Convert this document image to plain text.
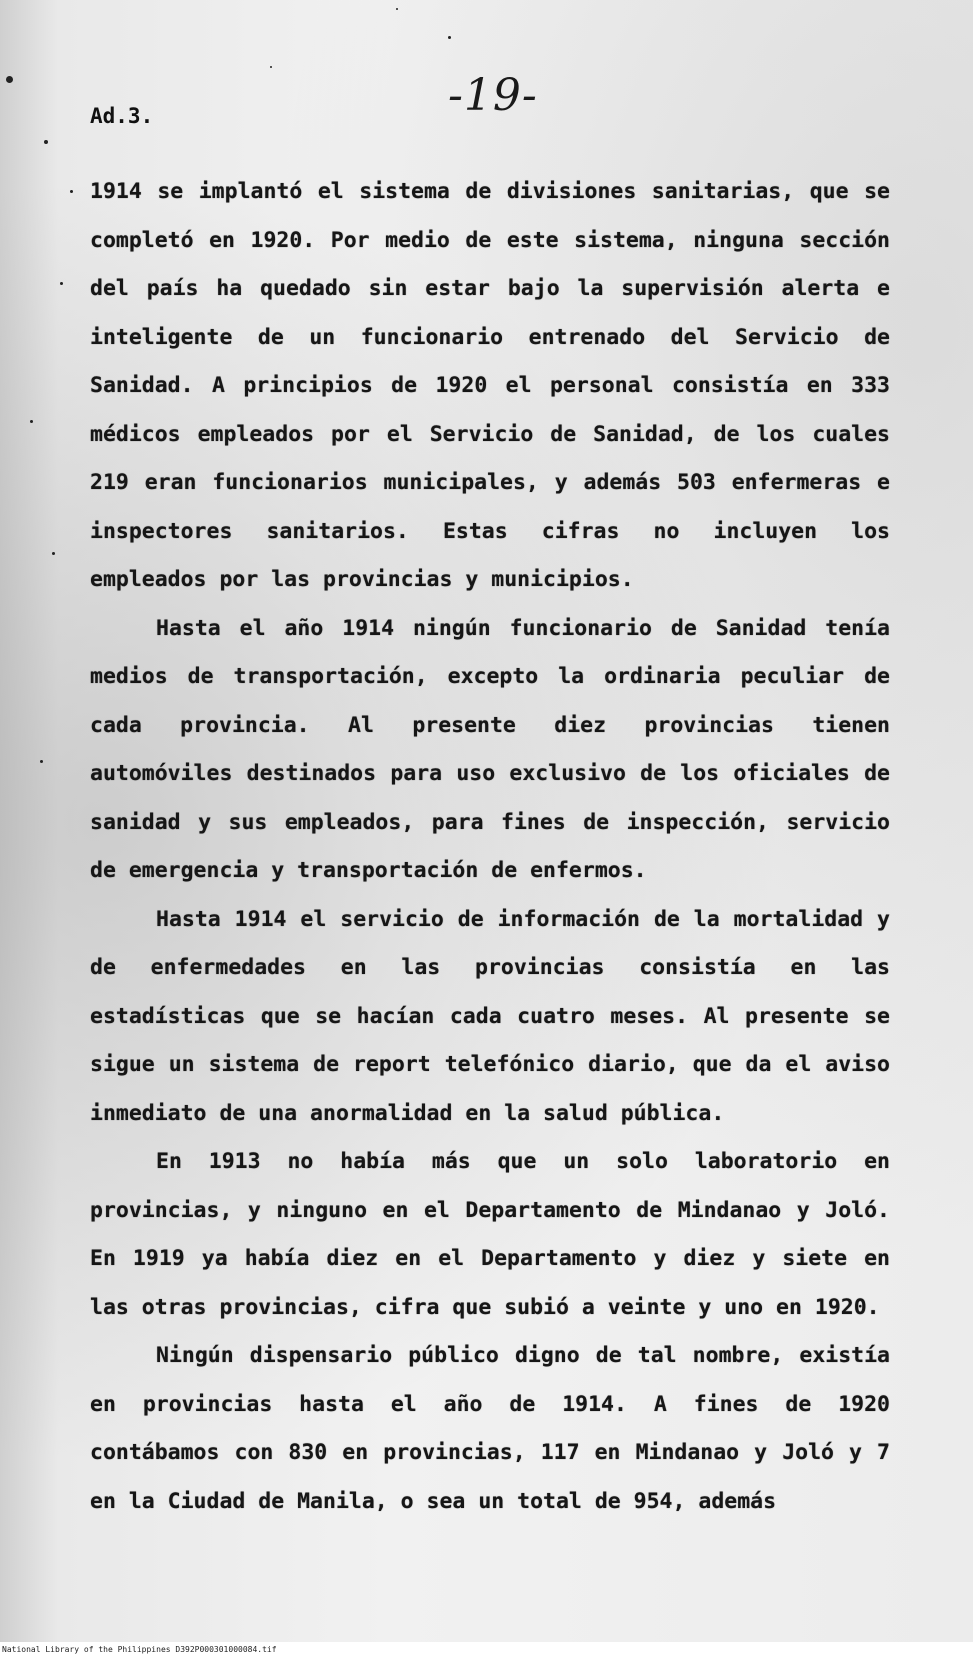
-19-
Ad.3.

1914 se implantó el sistema de divisiones sanitarias, que se completó en 1920. Por medio de este sistema, ninguna sección del país ha quedado sin estar bajo la supervisión alerta e inteligente de un funcionario entrenado del Servicio de Sanidad. A principios de 1920 el personal consistía en 333 médicos empleados por el Servicio de Sanidad, de los cuales 219 eran funcionarios municipales, y además 503 enfermeras e inspectores sanitarios. Estas cifras no incluyen los empleados por las provincias y municipios.

Hasta el año 1914 ningún funcionario de Sanidad tenía medios de transportación, excepto la ordinaria peculiar de cada provincia. Al presente diez provincias tienen automóviles destinados para uso exclusivo de los oficiales de sanidad y sus empleados, para fines de inspección, servicio de emergencia y transportación de enfermos.

Hasta 1914 el servicio de información de la mortalidad y de enfermedades en las provincias consistía en las estadísticas que se hacían cada cuatro meses. Al presente se sigue un sistema de report telefónico diario, que da el aviso inmediato de una anormalidad en la salud pública.

En 1913 no había más que un solo laboratorio en provincias, y ninguno en el Departamento de Mindanao y Joló. En 1919 ya había diez en el Departamento y diez y siete en las otras provincias, cifra que subió a veinte y uno en 1920.

Ningún dispensario público digno de tal nombre, existía en provincias hasta el año de 1914. A fines de 1920 contábamos con 830 en provincias, 117 en Mindanao y Joló y 7 en la Ciudad de Manila, o sea un total de 954, además

National Library of the Philippines D392P000301000084.tif
